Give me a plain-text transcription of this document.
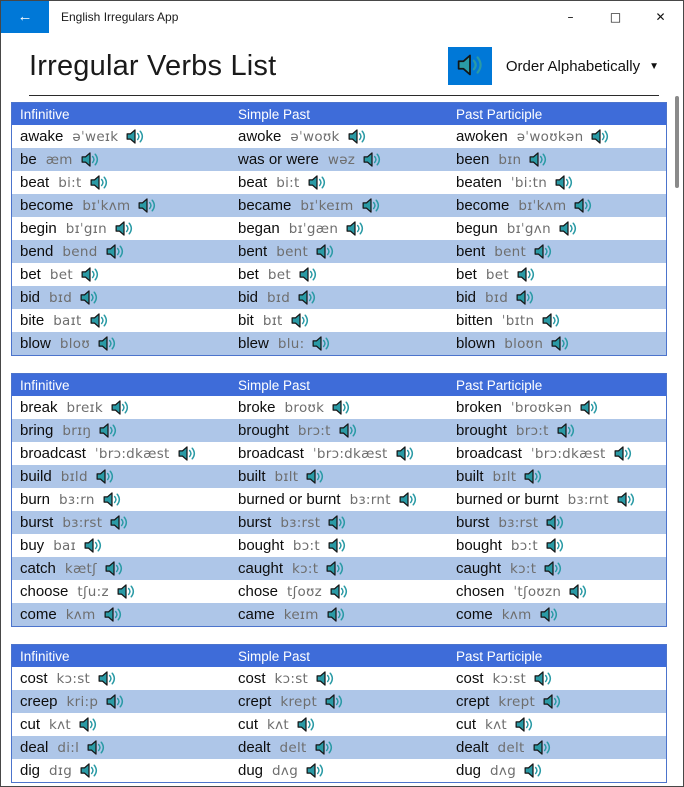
←	English Irregulars App	–	□	✕
Irregular Verbs List	Order Alphabetically ▼
Infinitive	Simple Past	Past Participle
awake əˈweɪk	awoke əˈwoʊk	awoken əˈwoʊkən
be æm	was or were wəz	been bɪn
beat bi:t	beat bi:t	beaten ˈbi:tn
become bɪˈkʌm	became bɪˈkeɪm	become bɪˈkʌm
begin bɪˈgɪn	began bɪˈgæn	begun bɪˈgʌn
bend bend	bent bent	bent bent
bet bet	bet bet	bet bet
bid bɪd	bid bɪd	bid bɪd
bite baɪt	bit bɪt	bitten ˈbɪtn
blow bloʊ	blew blu:	blown bloʊn
Infinitive	Simple Past	Past Participle
break breɪk	broke broʊk	broken ˈbroʊkən
bring brɪŋ	brought brɔ:t	brought brɔ:t
broadcast ˈbrɔ:dkæst	broadcast ˈbrɔ:dkæst	broadcast ˈbrɔ:dkæst
build bɪld	built bɪlt	built bɪlt
burn bɜ:rn	burned or burnt bɜ:rnt	burned or burnt bɜ:rnt
burst bɜ:rst	burst bɜ:rst	burst bɜ:rst
buy baɪ	bought bɔ:t	bought bɔ:t
catch kætʃ	caught kɔ:t	caught kɔ:t
choose tʃu:z	chose tʃoʊz	chosen ˈtʃoʊzn
come kʌm	came keɪm	come kʌm
Infinitive	Simple Past	Past Participle
cost kɔ:st	cost kɔ:st	cost kɔ:st
creep kri:p	crept krept	crept krept
cut kʌt	cut kʌt	cut kʌt
deal di:l	dealt delt	dealt delt
dig dɪg	dug dʌg	dug dʌg
